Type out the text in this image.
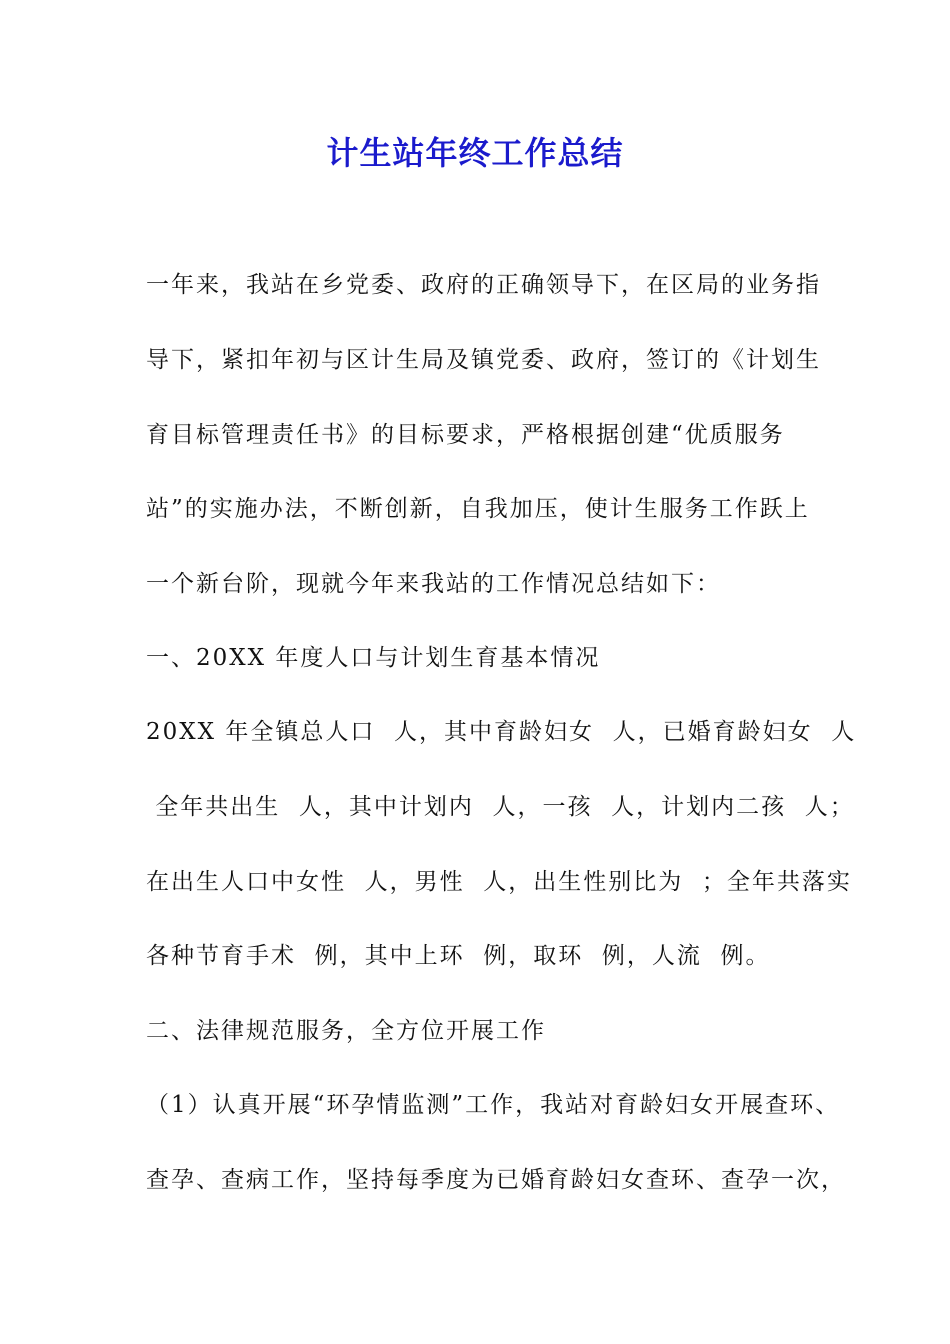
计生站年终工作总结
一年来，我站在乡党委、政府的正确领导下，在区局的业务指
导下，紧扣年初与区计生局及镇党委、政府，签订的《计划生
育目标管理责任书》的目标要求，严格根据创建“优质服务
站”的实施办法，不断创新，自我加压，使计生服务工作跃上
一个新台阶，现就今年来我站的工作情况总结如下：
一、20XX 年度人口与计划生育基本情况
20XX 年全镇总人口  人，其中育龄妇女  人，已婚育龄妇女  人
全年共出生  人，其中计划内  人，一孩  人，计划内二孩  人；
在出生人口中女性  人，男性  人，出生性别比为  ；全年共落实
各种节育手术  例，其中上环  例，取环  例，人流  例。
二、法律规范服务，全方位开展工作
（1）认真开展“环孕情监测”工作，我站对育龄妇女开展查环、
查孕、查病工作，坚持每季度为已婚育龄妇女查环、查孕一次，
